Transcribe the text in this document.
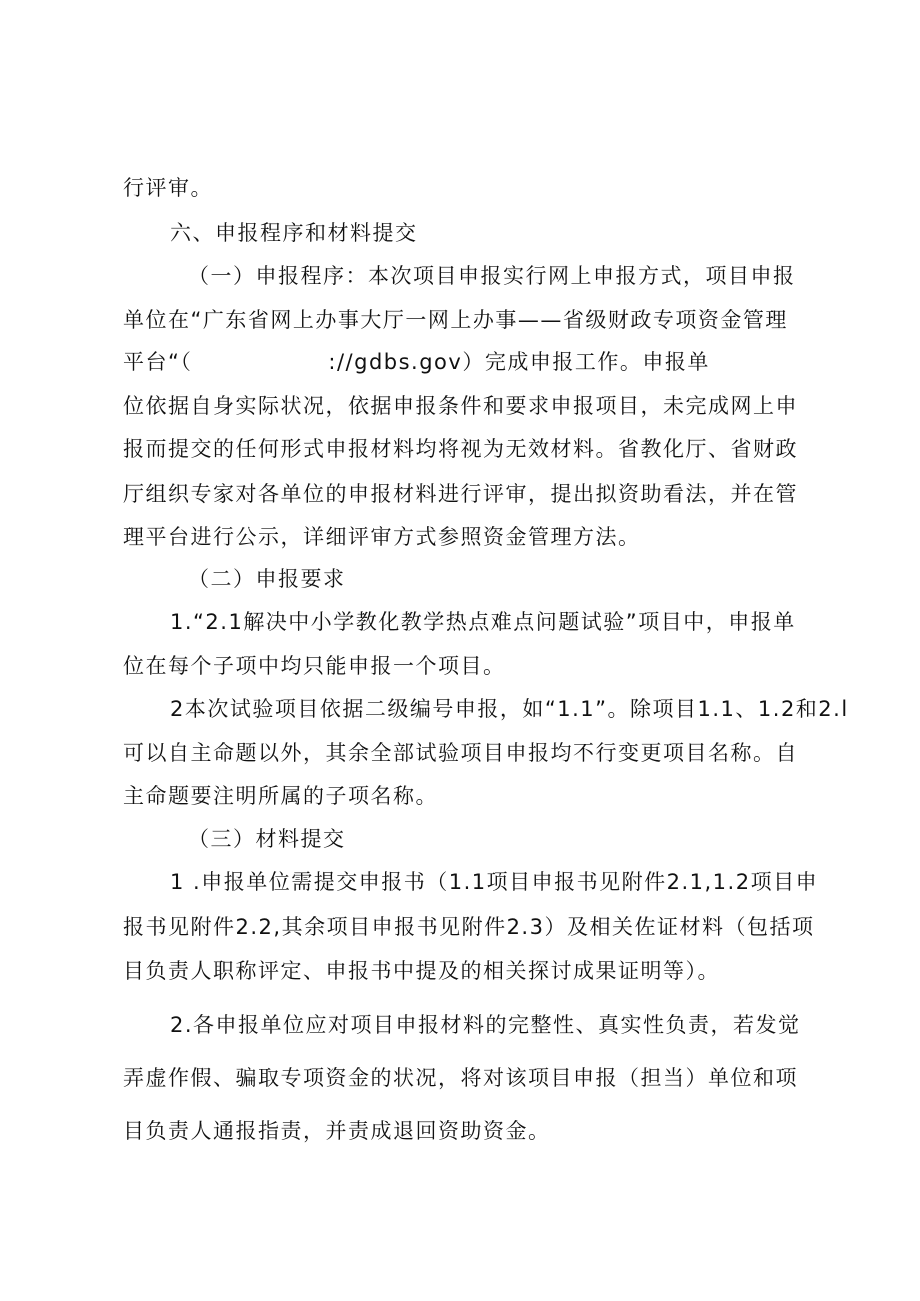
行评审。
六、申报程序和材料提交
（一）申报程序：本次项目申报实行网上申报方式，项目申报
单位在“广东省网上办事大厅一网上办事——省级财政专项资金管理
平台“（	://gdbs.gov）完成申报工作。申报单
位依据自身实际状况，依据申报条件和要求申报项目，未完成网上申
报而提交的任何形式申报材料均将视为无效材料。省教化厅、省财政
厅组织专家对各单位的申报材料进行评审，提出拟资助看法，并在管
理平台进行公示，详细评审方式参照资金管理方法。
（二）申报要求
1.“2.1解决中小学教化教学热点难点问题试验”项目中，申报单
位在每个子项中均只能申报一个项目。
2本次试验项目依据二级编号申报，如“1.1”。除项目1.1、1.2和2.l
可以自主命题以外，其余全部试验项目申报均不行变更项目名称。自
主命题要注明所属的子项名称。
（三）材料提交
1 .申报单位需提交申报书（1.1项目申报书见附件2.1,1.2项目申
报书见附件2.2,其余项目申报书见附件2.3）及相关佐证材料（包括项
目负责人职称评定、申报书中提及的相关探讨成果证明等）。
2.各申报单位应对项目申报材料的完整性、真实性负责，若发觉
弄虚作假、骗取专项资金的状况，将对该项目申报（担当）单位和项
目负责人通报指责，并责成退回资助资金。
